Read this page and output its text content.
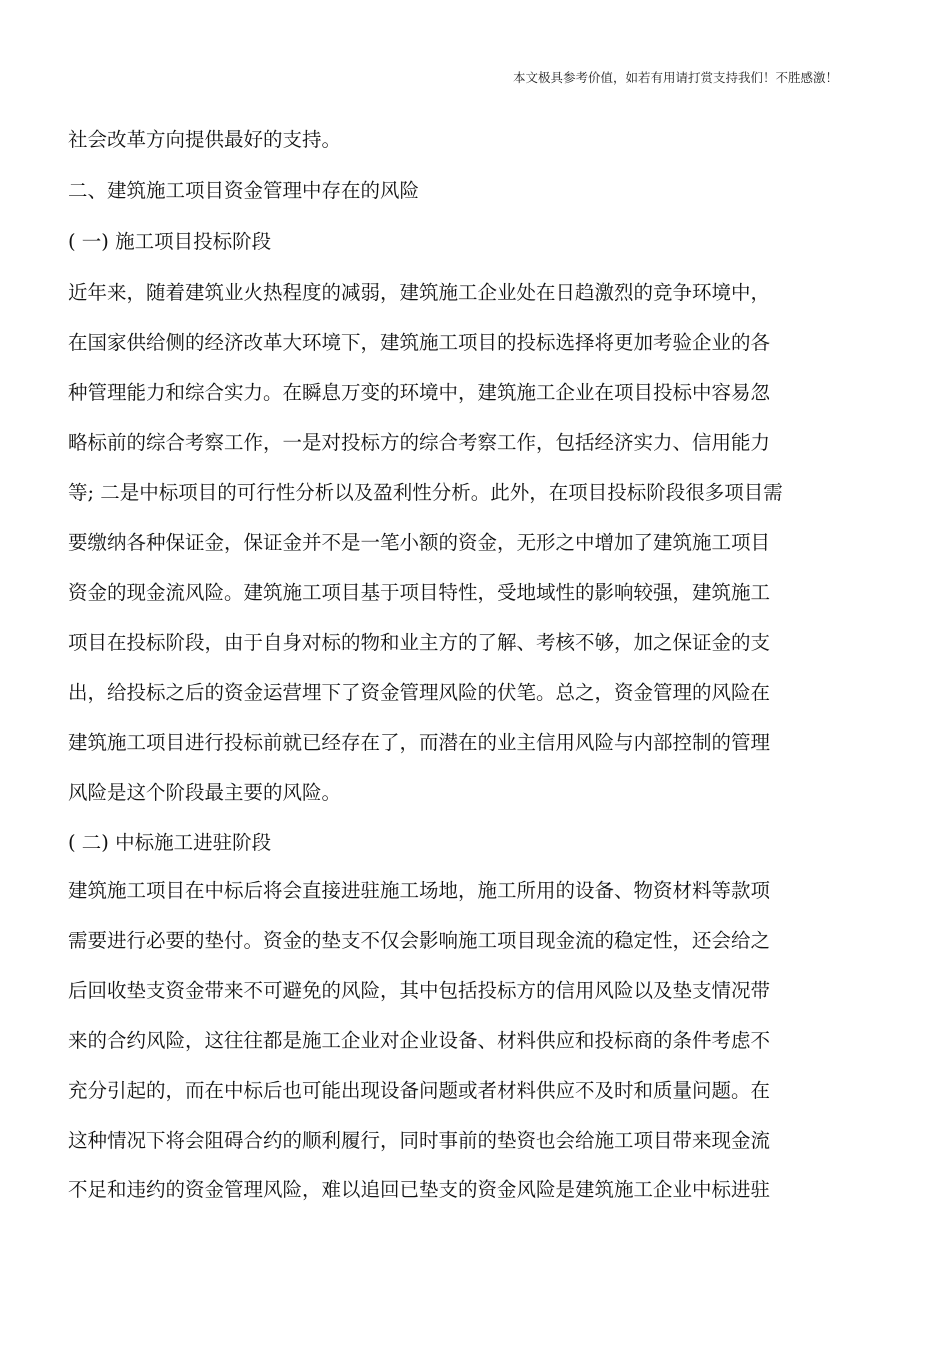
本文极具参考价值，如若有用请打赏支持我们！不胜感激！
社会改革方向提供最好的支持。
二、建筑施工项目资金管理中存在的风险
( 一) 施工项目投标阶段
近年来，随着建筑业火热程度的减弱，建筑施工企业处在日趋激烈的竞争环境中，
在国家供给侧的经济改革大环境下，建筑施工项目的投标选择将更加考验企业的各
种管理能力和综合实力。在瞬息万变的环境中，建筑施工企业在项目投标中容易忽
略标前的综合考察工作，一是对投标方的综合考察工作，包括经济实力、信用能力
等; 二是中标项目的可行性分析以及盈利性分析。此外，在项目投标阶段很多项目需
要缴纳各种保证金，保证金并不是一笔小额的资金，无形之中增加了建筑施工项目
资金的现金流风险。建筑施工项目基于项目特性，受地域性的影响较强，建筑施工
项目在投标阶段，由于自身对标的物和业主方的了解、考核不够，加之保证金的支
出，给投标之后的资金运营埋下了资金管理风险的伏笔。总之，资金管理的风险在
建筑施工项目进行投标前就已经存在了，而潜在的业主信用风险与内部控制的管理
风险是这个阶段最主要的风险。
( 二) 中标施工进驻阶段
建筑施工项目在中标后将会直接进驻施工场地，施工所用的设备、物资材料等款项
需要进行必要的垫付。资金的垫支不仅会影响施工项目现金流的稳定性，还会给之
后回收垫支资金带来不可避免的风险，其中包括投标方的信用风险以及垫支情况带
来的合约风险，这往往都是施工企业对企业设备、材料供应和投标商的条件考虑不
充分引起的，而在中标后也可能出现设备问题或者材料供应不及时和质量问题。在
这种情况下将会阻碍合约的顺利履行，同时事前的垫资也会给施工项目带来现金流
不足和违约的资金管理风险，难以追回已垫支的资金风险是建筑施工企业中标进驻
